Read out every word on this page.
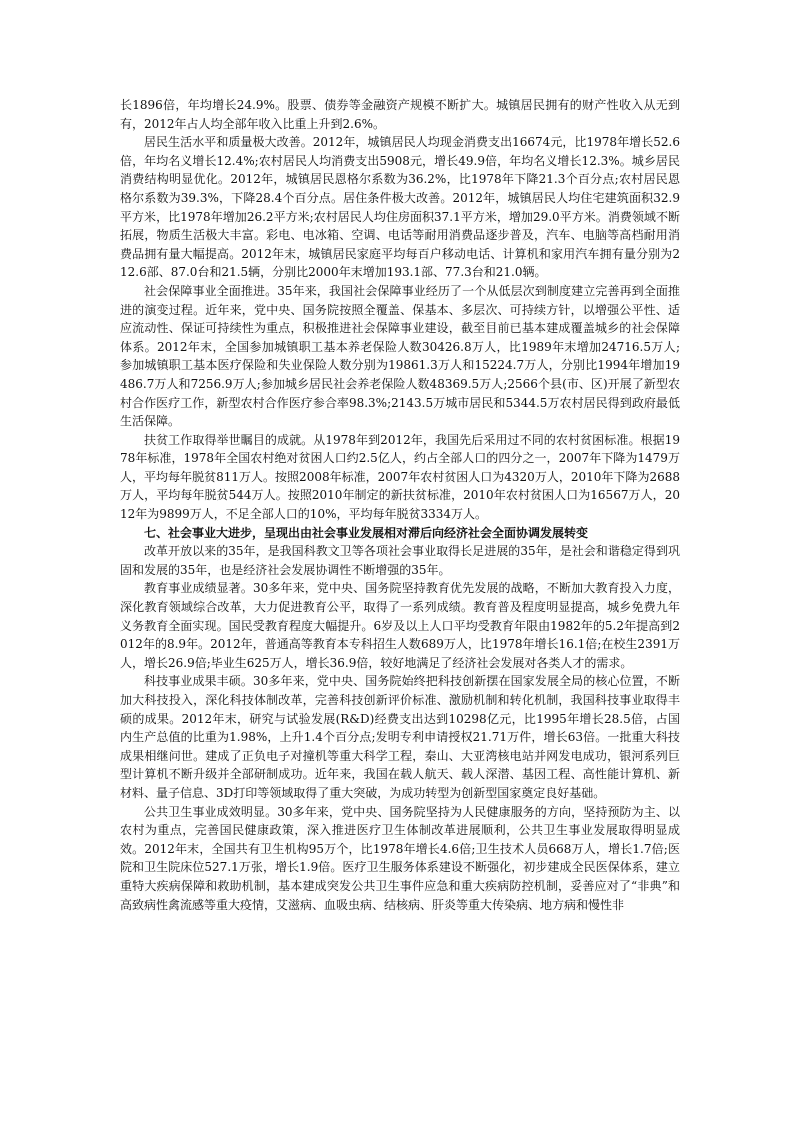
长1896倍，年均增长24.9%。股票、债券等金融资产规模不断扩大。城镇居民拥有的财产性收入从无到有，2012年占人均全部年收入比重上升到2.6%。

居民生活水平和质量极大改善。2012年，城镇居民人均现金消费支出16674元，比1978年增长52.6倍，年均名义增长12.4%;农村居民人均消费支出5908元，增长49.9倍，年均名义增长12.3%。城乡居民消费结构明显优化。2012年，城镇居民恩格尔系数为36.2%，比1978年下降21.3个百分点;农村居民恩格尔系数为39.3%，下降28.4个百分点。居住条件极大改善。2012年，城镇居民人均住宅建筑面积32.9平方米，比1978年增加26.2平方米;农村居民人均住房面积37.1平方米，增加29.0平方米。消费领域不断拓展，物质生活极大丰富。彩电、电冰箱、空调、电话等耐用消费品逐步普及，汽车、电脑等高档耐用消费品拥有量大幅提高。2012年末，城镇居民家庭平均每百户移动电话、计算机和家用汽车拥有量分别为212.6部、87.0台和21.5辆，分别比2000年末增加193.1部、77.3台和21.0辆。

社会保障事业全面推进。35年来，我国社会保障事业经历了一个从低层次到制度建立完善再到全面推进的演变过程。近年来，党中央、国务院按照全覆盖、保基本、多层次、可持续方针，以增强公平性、适应流动性、保证可持续性为重点，积极推进社会保障事业建设，截至目前已基本建成覆盖城乡的社会保障体系。2012年末，全国参加城镇职工基本养老保险人数30426.8万人，比1989年末增加24716.5万人;参加城镇职工基本医疗保险和失业保险人数分别为19861.3万人和15224.7万人，分别比1994年增加19486.7万人和7256.9万人;参加城乡居民社会养老保险人数48369.5万人;2566个县(市、区)开展了新型农村合作医疗工作，新型农村合作医疗参合率98.3%;2143.5万城市居民和5344.5万农村居民得到政府最低生活保障。

扶贫工作取得举世瞩目的成就。从1978年到2012年，我国先后采用过不同的农村贫困标准。根据1978年标准，1978年全国农村绝对贫困人口约2.5亿人，约占全部人口的四分之一，2007年下降为1479万人，平均每年脱贫811万人。按照2008年标准，2007年农村贫困人口为4320万人，2010年下降为2688万人，平均每年脱贫544万人。按照2010年制定的新扶贫标准，2010年农村贫困人口为16567万人，2012年为9899万人，不足全部人口的10%，平均每年脱贫3334万人。

七、社会事业大进步，呈现出由社会事业发展相对滞后向经济社会全面协调发展转变

改革开放以来的35年，是我国科教文卫等各项社会事业取得长足进展的35年，是社会和谐稳定得到巩固和发展的35年，也是经济社会发展协调性不断增强的35年。

教育事业成绩显著。30多年来，党中央、国务院坚持教育优先发展的战略，不断加大教育投入力度，深化教育领域综合改革，大力促进教育公平，取得了一系列成绩。教育普及程度明显提高，城乡免费九年义务教育全面实现。国民受教育程度大幅提升。6岁及以上人口平均受教育年限由1982年的5.2年提高到2012年的8.9年。2012年，普通高等教育本专科招生人数689万人，比1978年增长16.1倍;在校生2391万人，增长26.9倍;毕业生625万人，增长36.9倍，较好地满足了经济社会发展对各类人才的需求。

科技事业成果丰硕。30多年来，党中央、国务院始终把科技创新摆在国家发展全局的核心位置，不断加大科技投入，深化科技体制改革，完善科技创新评价标准、激励机制和转化机制，我国科技事业取得丰硕的成果。2012年末，研究与试验发展(R&D)经费支出达到10298亿元，比1995年增长28.5倍，占国内生产总值的比重为1.98%，上升1.4个百分点;发明专利申请授权21.71万件，增长63倍。一批重大科技成果相继问世。建成了正负电子对撞机等重大科学工程，秦山、大亚湾核电站并网发电成功，银河系列巨型计算机不断升级并全部研制成功。近年来，我国在载人航天、载人深潜、基因工程、高性能计算机、新材料、量子信息、3D打印等领域取得了重大突破，为成功转型为创新型国家奠定良好基础。

公共卫生事业成效明显。30多年来，党中央、国务院坚持为人民健康服务的方向，坚持预防为主、以农村为重点，完善国民健康政策，深入推进医疗卫生体制改革进展顺利，公共卫生事业发展取得明显成效。2012年末，全国共有卫生机构95万个，比1978年增长4.6倍;卫生技术人员668万人，增长1.7倍;医院和卫生院床位527.1万张，增长1.9倍。医疗卫生服务体系建设不断强化，初步建成全民医保体系，建立重特大疾病保障和救助机制，基本建成突发公共卫生事件应急和重大疾病防控机制，妥善应对了“非典”和高致病性禽流感等重大疫情，艾滋病、血吸虫病、结核病、肝炎等重大传染病、地方病和慢性非
